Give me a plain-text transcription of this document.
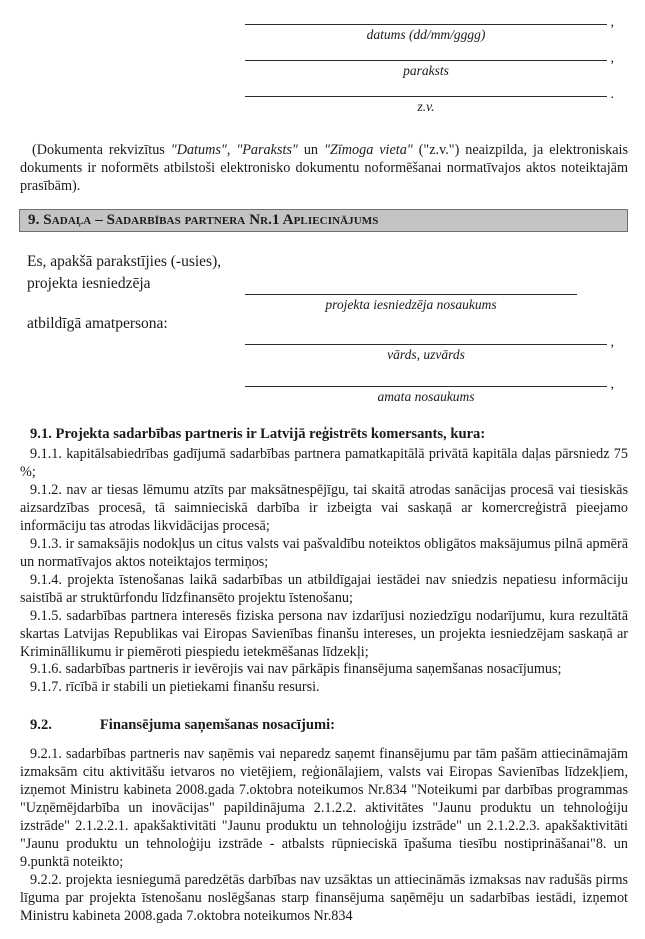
,
datums (dd/mm/gggg)
,
paraksts
.
z.v.

(Dokumenta rekvizītus "Datums", "Paraksts" un "Zīmoga vieta" ("z.v.") neaizpilda, ja elektroniskais dokuments ir noformēts atbilstoši elektronisko dokumentu noformēšanai normatīvajos aktos noteiktajām prasībām).

9. Sadaļa – Sadarbības partnera Nr.1 Apliecinājums
Es, apakšā parakstījies (-usies),
projekta iesniedzēja
atbildīgā amatpersona:
projekta iesniedzēja nosaukums
,
vārds, uzvārds
,
amata nosaukums

9.1. Projekta sadarbības partneris ir Latvijā reģistrēts komersants, kura:

9.1.1. kapitālsabiedrības gadījumā sadarbības partnera pamatkapitālā privātā kapitāla daļas pārsniedz 75 %;

9.1.2. nav ar tiesas lēmumu atzīts par maksātnespējīgu, tai skaitā atrodas sanācijas procesā vai tiesiskās aizsardzības procesā, tā saimnieciskā darbība ir izbeigta vai saskaņā ar komercreģistrā pieejamo informāciju tas atrodas likvidācijas procesā;

9.1.3. ir samaksājis nodokļus un citus valsts vai pašvaldību noteiktos obligātos maksājumus pilnā apmērā un normatīvajos aktos noteiktajos termiņos;

9.1.4. projekta īstenošanas laikā sadarbības un atbildīgajai iestādei nav sniedzis nepatiesu informāciju saistībā ar struktūrfondu līdzfinansēto projektu īstenošanu;

9.1.5. sadarbības partnera interesēs fiziska persona nav izdarījusi noziedzīgu nodarījumu, kura rezultātā skartas Latvijas Republikas vai Eiropas Savienības finanšu intereses, un projekta iesniedzējam saskaņā ar Krimināllikumu ir piemēroti piespiedu ietekmēšanas līdzekļi;

9.1.6. sadarbības partneris ir ievērojis vai nav pārkāpis finansējuma saņemšanas nosacījumus;

9.1.7. rīcībā ir stabili un pietiekami finanšu resursi.

9.2.	Finansējuma saņemšanas nosacījumi:

9.2.1. sadarbības partneris nav saņēmis vai neparedz saņemt finansējumu par tām pašām attiecināmajām izmaksām citu aktivitāšu ietvaros no vietējiem, reģionālajiem, valsts vai Eiropas Savienības līdzekļiem, izņemot Ministru kabineta 2008.gada 7.oktobra noteikumos Nr.834 "Noteikumi par darbības programmas "Uzņēmējdarbība un inovācijas" papildinājuma 2.1.2.2. aktivitātes "Jaunu produktu un tehnoloģiju izstrāde" 2.1.2.2.1. apakšaktivitāti "Jaunu produktu un tehnoloģiju izstrāde" un 2.1.2.2.3. apakšaktivitāti "Jaunu produktu un tehnoloģiju izstrāde - atbalsts rūpnieciskā īpašuma tiesību nostiprināšanai"8. un 9.punktā noteikto;

9.2.2. projekta iesniegumā paredzētās darbības nav uzsāktas un attiecināmās izmaksas nav radušās pirms līguma par projekta īstenošanu noslēgšanas starp finansējuma saņēmēju un sadarbības iestādi, izņemot Ministru kabineta 2008.gada 7.oktobra noteikumos Nr.834
